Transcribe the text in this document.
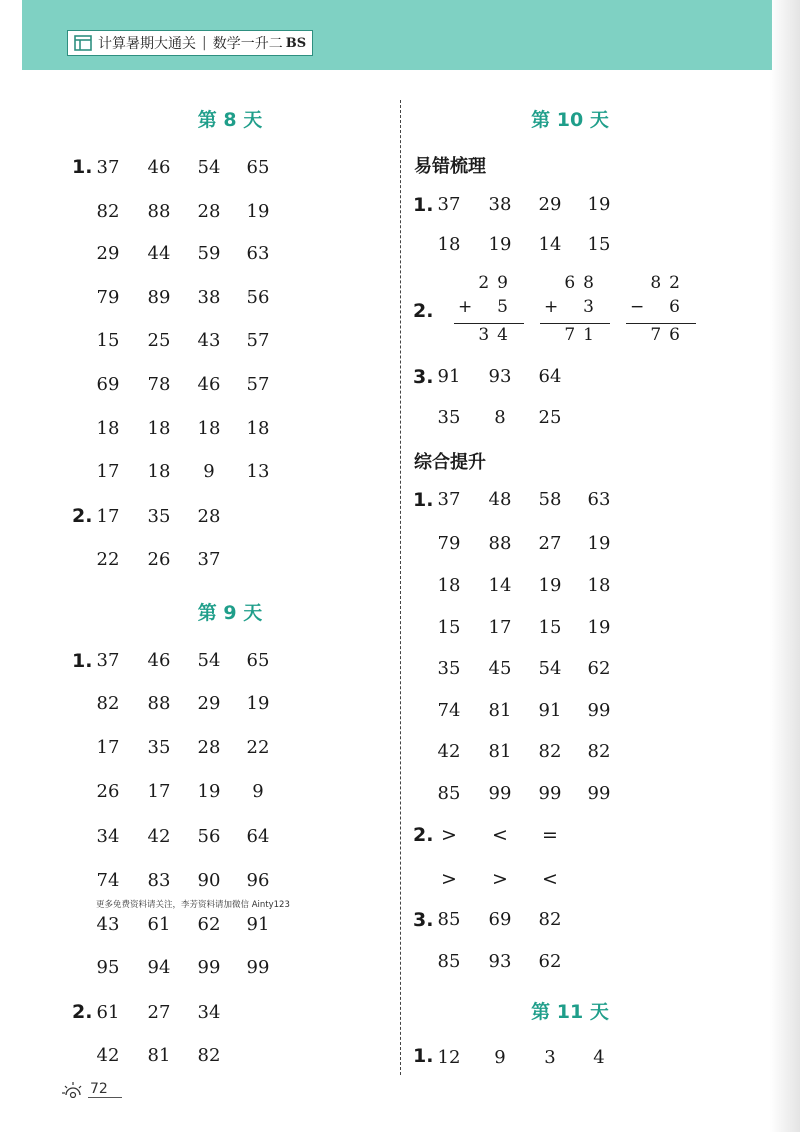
计算暑期大通关 | 数学一升二 BS
第 8 天
1. 37	46	54	65
82	88	28	19
29	44	59	63
79	89	38	56
15	25	43	57
69	78	46	57
18	18	18	18
17	18	9	13
2. 17	35	28
22	26	37
第 9 天
1. 37	46	54	65
82	88	29	19
17	35	28	22
26	17	19	9
34	42	56	64
74	83	90	96
更多免费资料请关注，李芳资料请加微信 Ainty123
43	61	62	91
95	94	99	99
2. 61	27	34
42	81	82
第 10 天
易错梳理
1. 37	38	29	19
18	19	14	15
2.
29
+ 5
34
68
+ 3
71
82
− 6
76
3. 91	93	64
35	8	25
综合提升
1. 37	48	58	63
79	88	27	19
18	14	19	18
15	17	15	19
35	45	54	62
74	81	91	99
42	81	82	82
85	99	99	99
2. >	<	=
>	>	<
3. 85	69	82
85	93	62
第 11 天
1. 12	9	3	4
72
